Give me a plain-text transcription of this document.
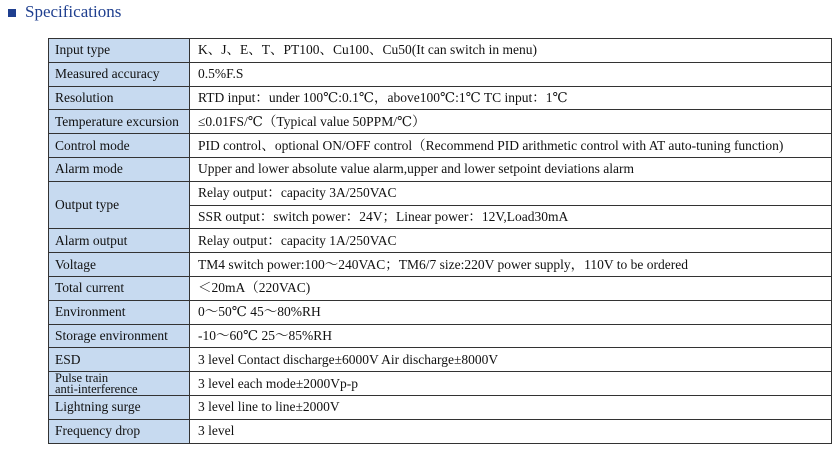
Specifications
Input type	K、J、E、T、PT100、Cu100、Cu50(It can switch in menu)
Measured accuracy	0.5%F.S
Resolution	RTD input：under 100℃:0.1℃，above100℃:1℃ TC input：1℃
Temperature excursion	≤0.01FS/℃（Typical value 50PPM/℃）
Control mode	PID control、optional ON/OFF control（Recommend PID arithmetic control with AT auto-tuning function)
Alarm mode	Upper and lower absolute value alarm,upper and lower setpoint deviations alarm
Output type	Relay output：capacity 3A/250VAC
	SSR output：switch power：24V；Linear power：12V,Load30mA
Alarm output	Relay output：capacity 1A/250VAC
Voltage	TM4 switch power:100～240VAC；TM6/7 size:220V power supply，110V to be ordered
Total current	＜20mA（220VAC)
Environment	0～50℃ 45～80%RH
Storage environment	-10～60℃ 25～85%RH
ESD	3 level Contact discharge±6000V Air discharge±8000V
Pulse train
anti-interference	3 level each mode±2000Vp-p
Lightning surge	3 level line to line±2000V
Frequency drop	3 level
